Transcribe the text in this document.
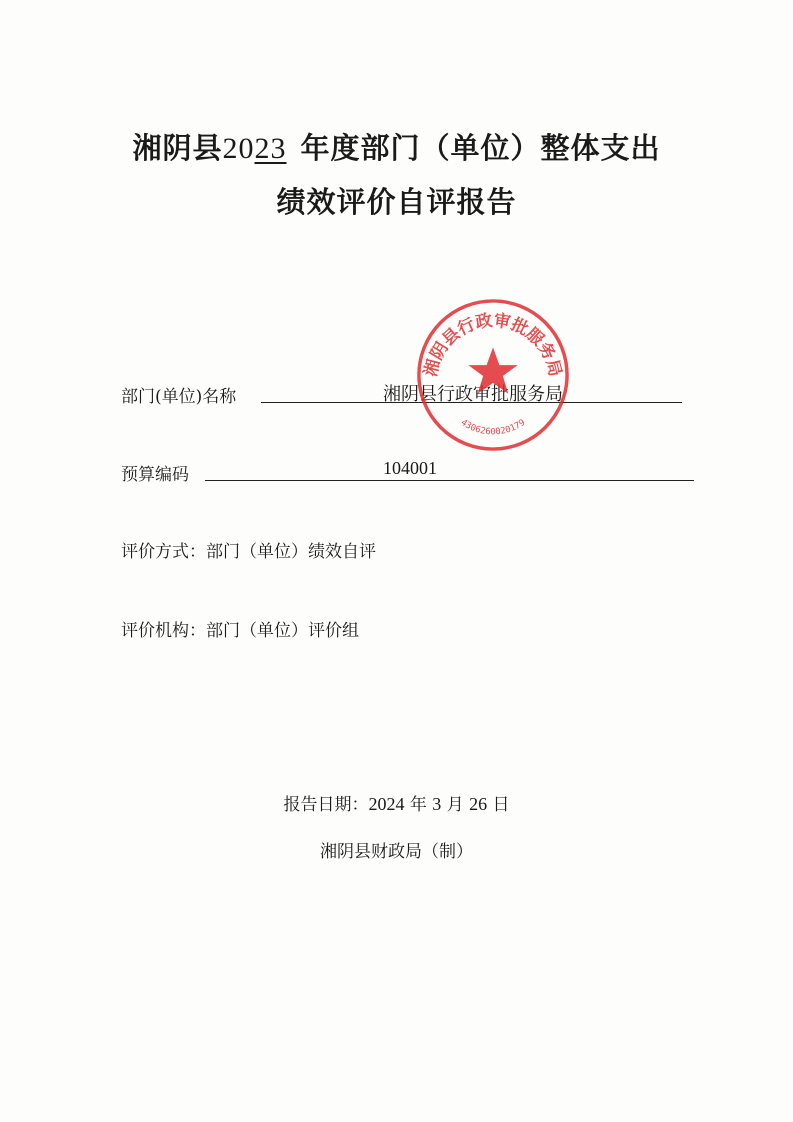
湘阴县2023 年度部门（单位）整体支出
绩效评价自评报告
部门(单位)名称	湘阴县行政审批服务局
预算编码	104001
评价方式：部门（单位）绩效自评
评价机构：部门（单位）评价组
湘阴县行政审批服务局
4306260020179
报告日期：2024 年 3 月 26 日
湘阴县财政局（制）
